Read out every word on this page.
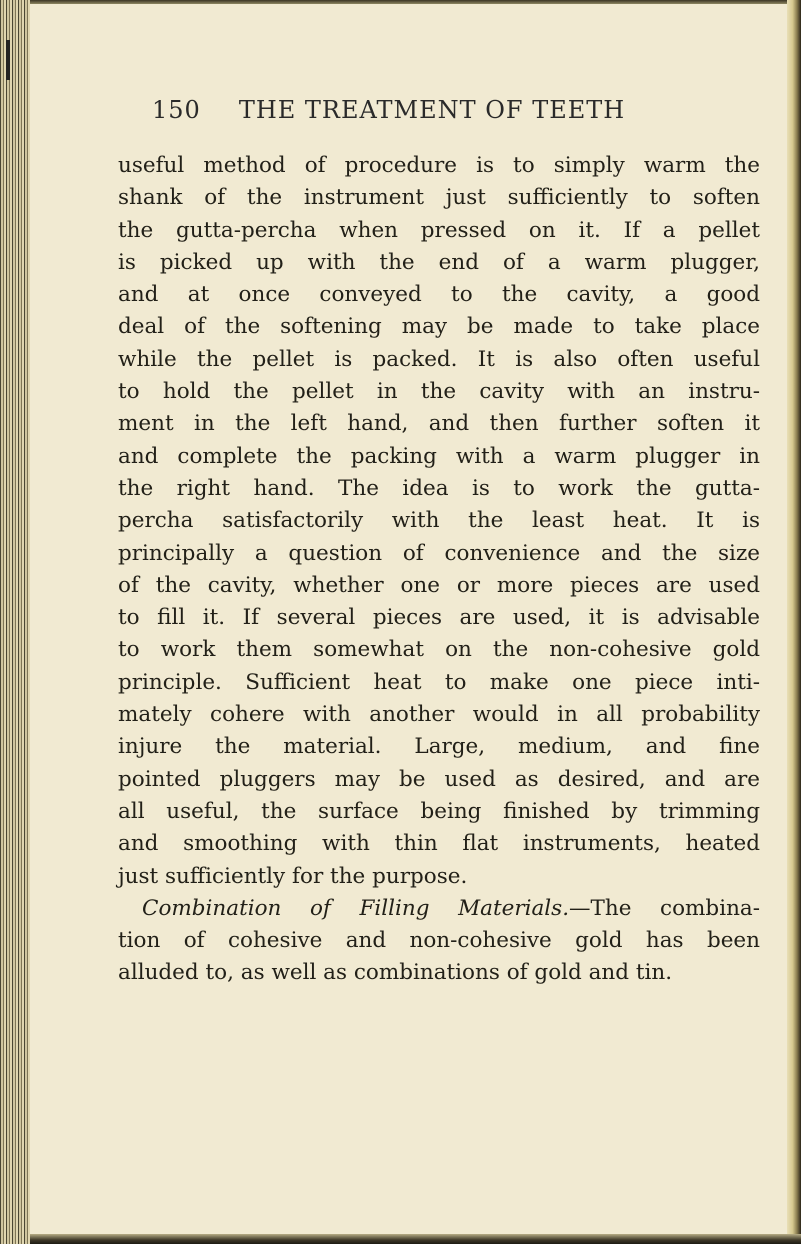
150 THE TREATMENT OF TEETH
useful method of procedure is to simply warm the
shank of the instrument just sufficiently to soften
the gutta-percha when pressed on it. If a pellet
is picked up with the end of a warm plugger,
and at once conveyed to the cavity, a good
deal of the softening may be made to take place
while the pellet is packed. It is also often useful
to hold the pellet in the cavity with an instru-
ment in the left hand, and then further soften it
and complete the packing with a warm plugger in
the right hand. The idea is to work the gutta-
percha satisfactorily with the least heat. It is
principally a question of convenience and the size
of the cavity, whether one or more pieces are used
to fill it. If several pieces are used, it is advisable
to work them somewhat on the non-cohesive gold
principle. Sufficient heat to make one piece inti-
mately cohere with another would in all probability
injure the material. Large, medium, and fine
pointed pluggers may be used as desired, and are
all useful, the surface being finished by trimming
and smoothing with thin flat instruments, heated
just sufficiently for the purpose.
Combination of Filling Materials.—The combina-
tion of cohesive and non-cohesive gold has been
alluded to, as well as combinations of gold and tin.
